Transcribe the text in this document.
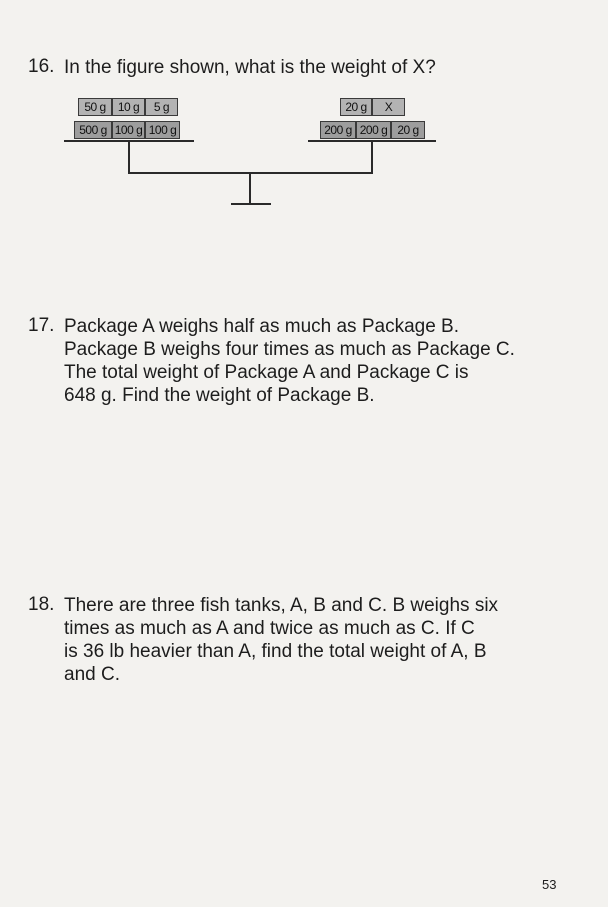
16. In the figure shown, what is the weight of X?
50 g	10 g	5 g
500 g 100 g 100 g
20 g	X
200 g 200 g 20 g
17. Package A weighs half as much as Package B.
Package B weighs four times as much as Package C.
The total weight of Package A and Package C is
648 g. Find the weight of Package B.
18. There are three fish tanks, A, B and C. B weighs six
times as much as A and twice as much as C. If C
is 36 lb heavier than A, find the total weight of A, B
and C.
53
